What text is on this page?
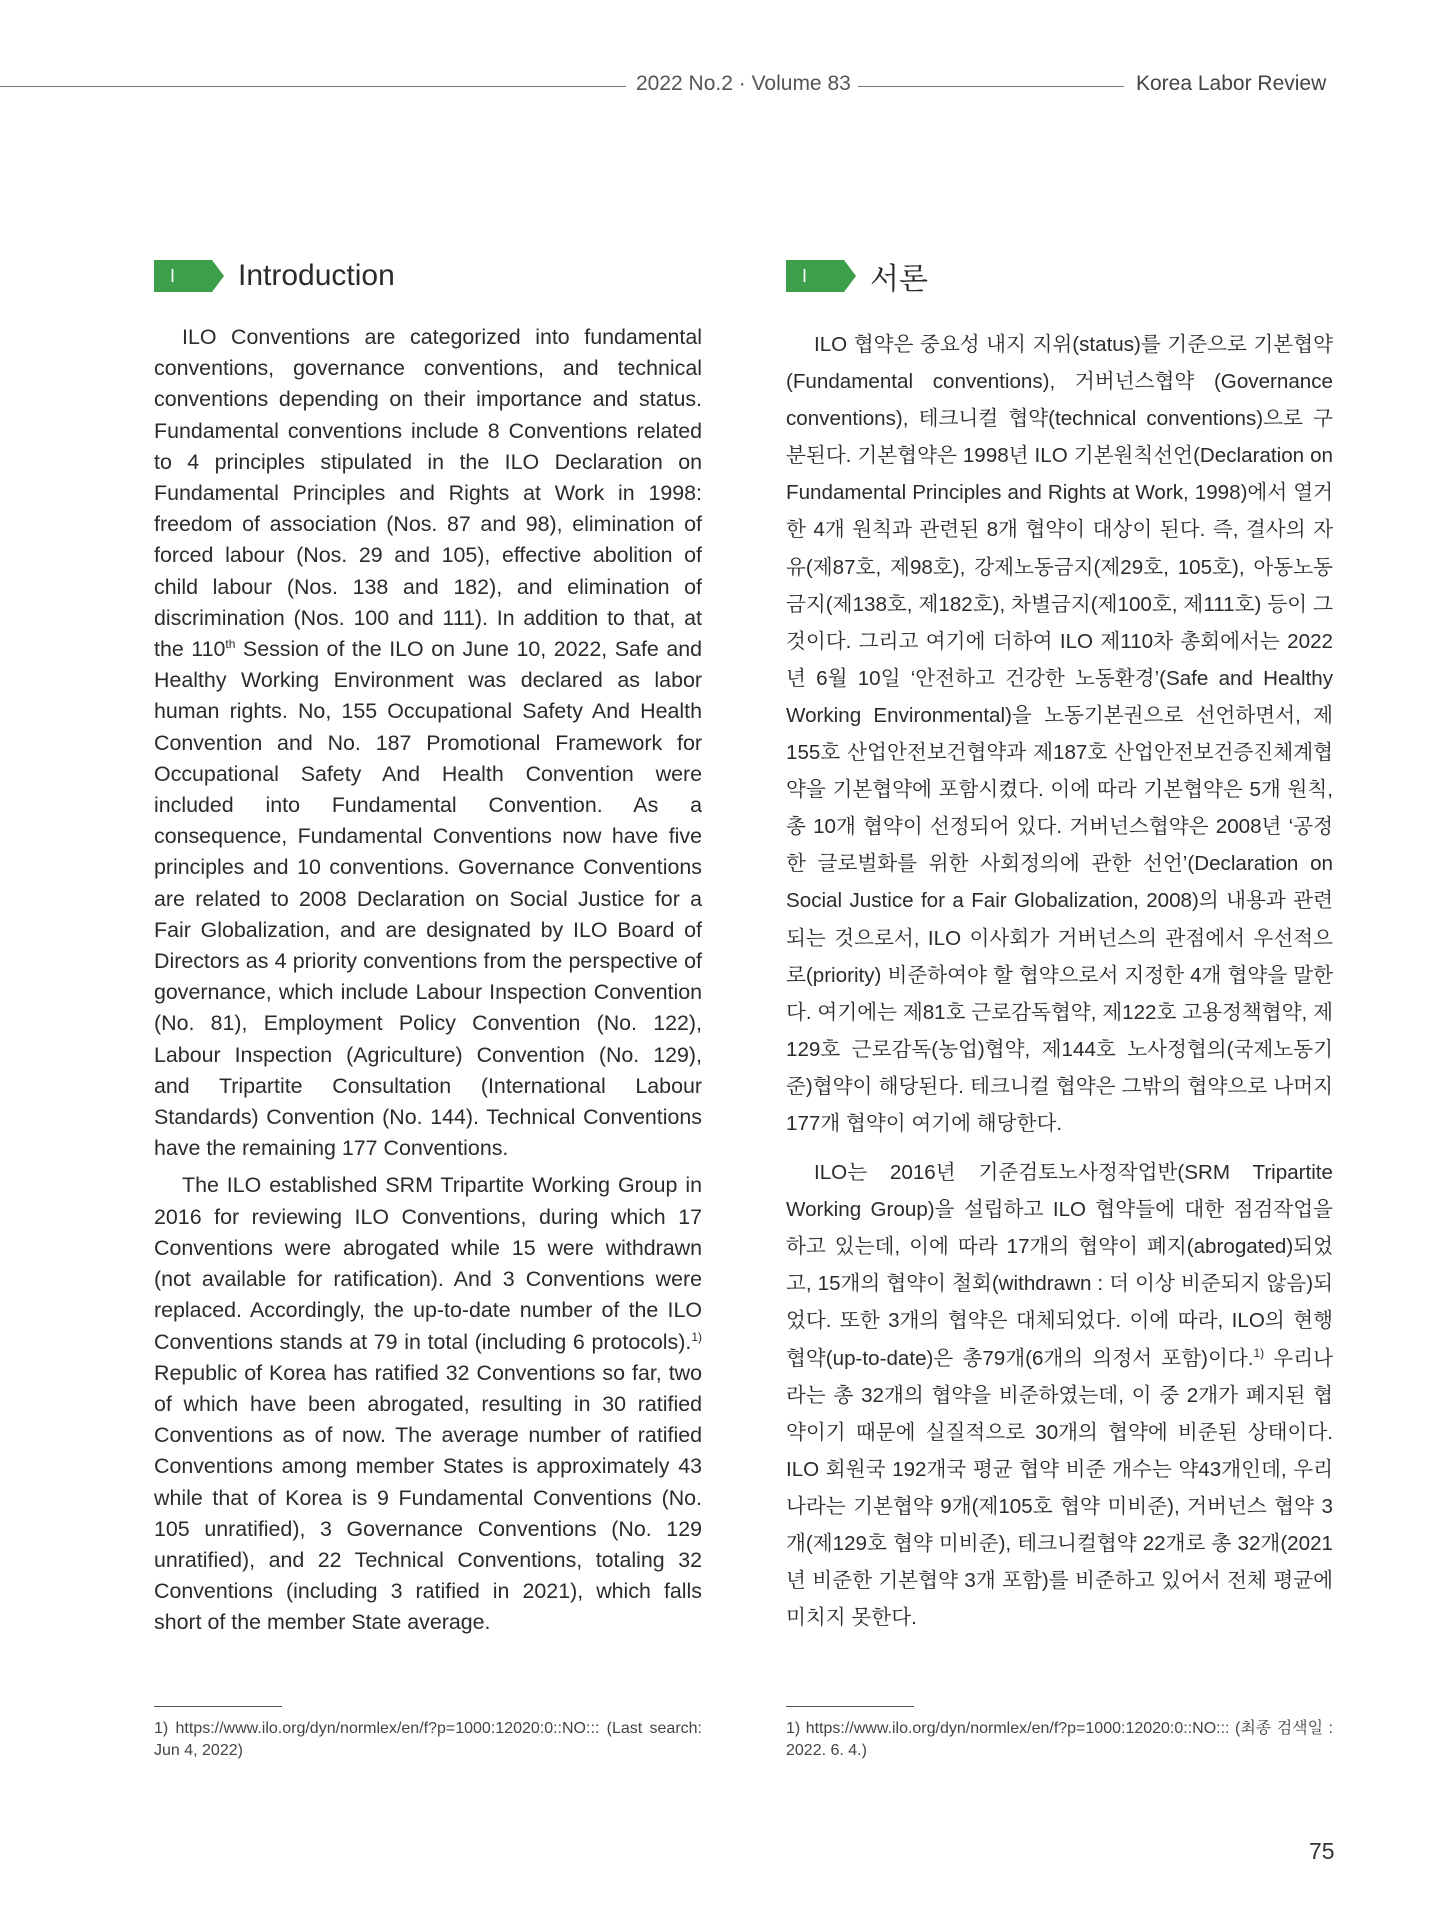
2022 No.2 · Volume 83	Korea Labor Review
I	Introduction

ILO Conventions are categorized into fundamental conventions, governance conventions, and technical conventions depending on their importance and status. Fundamental conventions include 8 Conventions related to 4 principles stipulated in the ILO Declaration on Fundamental Principles and Rights at Work in 1998: freedom of association (Nos. 87 and 98), elimination of forced labour (Nos. 29 and 105), effective abolition of child labour (Nos. 138 and 182), and elimination of discrimination (Nos. 100 and 111). In addition to that, at the 110th Session of the ILO on June 10, 2022, Safe and Healthy Working Environment was declared as labor human rights. No, 155 Occupational Safety And Health Convention and No. 187 Promotional Framework for Occupational Safety And Health Convention were included into Fundamental Convention. As a consequence, Fundamental Conventions now have five principles and 10 conventions. Governance Conventions are related to 2008 Declaration on Social Justice for a Fair Globalization, and are designated by ILO Board of Directors as 4 priority conventions from the perspective of governance, which include Labour Inspection Convention (No. 81), Employment Policy Convention (No. 122), Labour Inspection (Agriculture) Convention (No. 129), and Tripartite Consultation (International Labour Standards) Convention (No. 144). Technical Conventions have the remaining 177 Conventions.

The ILO established SRM Tripartite Working Group in 2016 for reviewing ILO Conventions, during which 17 Conventions were abrogated while 15 were withdrawn (not available for ratification). And 3 Conventions were replaced. Accordingly, the up-to-date number of the ILO Conventions stands at 79 in total (including 6 protocols).$^{1)}$ Republic of Korea has ratified 32 Conventions so far, two of which have been abrogated, resulting in 30 ratified Conventions as of now. The average number of ratified Conventions among member States is approximately 43 while that of Korea is 9 Fundamental Conventions (No. 105 unratified), 3 Governance Conventions (No. 129 unratified), and 22 Technical Conventions, totaling 32 Conventions (including 3 ratified in 2021), which falls short of the member State average.

I	서론

ILO 협약은 중요성 내지 지위(status)를 기준으로 기본협약(Fundamental conventions), 거버넌스협약 (Governance conventions), 테크니컬 협약(technical conventions)으로 구분된다. 기본협약은 1998년 ILO 기본원칙선언(Declaration on Fundamental Principles and Rights at Work, 1998)에서 열거한 4개 원칙과 관련된 8개 협약이 대상이 된다. 즉, 결사의 자유(제87호, 제98호), 강제노동금지(제29호, 105호), 아동노동금지(제138호, 제182호), 차별금지(제100호, 제111호) 등이 그것이다. 그리고 여기에 더하여 ILO 제110차 총회에서는 2022년 6월 10일 ‘안전하고 건강한 노동환경’(Safe and Healthy Working Environmental)을 노동기본권으로 선언하면서, 제155호 산업안전보건협약과 제187호 산업안전보건증진체계협약을 기본협약에 포함시켰다. 이에 따라 기본협약은 5개 원칙, 총 10개 협약이 선정되어 있다. 거버넌스협약은 2008년 ‘공정한 글로벌화를 위한 사회정의에 관한 선언’(Declaration on Social Justice for a Fair Globalization, 2008)의 내용과 관련되는 것으로서, ILO 이사회가 거버넌스의 관점에서 우선적으로(priority) 비준하여야 할 협약으로서 지정한 4개 협약을 말한다. 여기에는 제81호 근로감독협약, 제122호 고용정책협약, 제129호 근로감독(농업)협약, 제144호 노사정협의(국제노동기준)협약이 해당된다. 테크니컬 협약은 그밖의 협약으로 나머지 177개 협약이 여기에 해당한다.

ILO는 2016년 기준검토노사정작업반(SRM Tripartite Working Group)을 설립하고 ILO 협약들에 대한 점검작업을 하고 있는데, 이에 따라 17개의 협약이 폐지(abrogated)되었고, 15개의 협약이 철회(withdrawn : 더 이상 비준되지 않음)되었다. 또한 3개의 협약은 대체되었다. 이에 따라, ILO의 현행 협약(up-to-date)은 총79개(6개의 의정서 포함)이다.$^{1)}$ 우리나라는 총 32개의 협약을 비준하였는데, 이 중 2개가 폐지된 협약이기 때문에 실질적으로 30개의 협약에 비준된 상태이다. ILO 회원국 192개국 평균 협약 비준 개수는 약43개인데, 우리나라는 기본협약 9개(제105호 협약 미비준), 거버넌스 협약 3개(제129호 협약 미비준), 테크니컬협약 22개로 총 32개(2021년 비준한 기본협약 3개 포함)를 비준하고 있어서 전체 평균에 미치지 못한다.

1) https://www.ilo.org/dyn/normlex/en/f?p=1000:12020:0::NO::: (Last search: Jun 4, 2022)
1) https://www.ilo.org/dyn/normlex/en/f?p=1000:12020:0::NO::: (최종 검색일 : 2022. 6. 4.)
75
